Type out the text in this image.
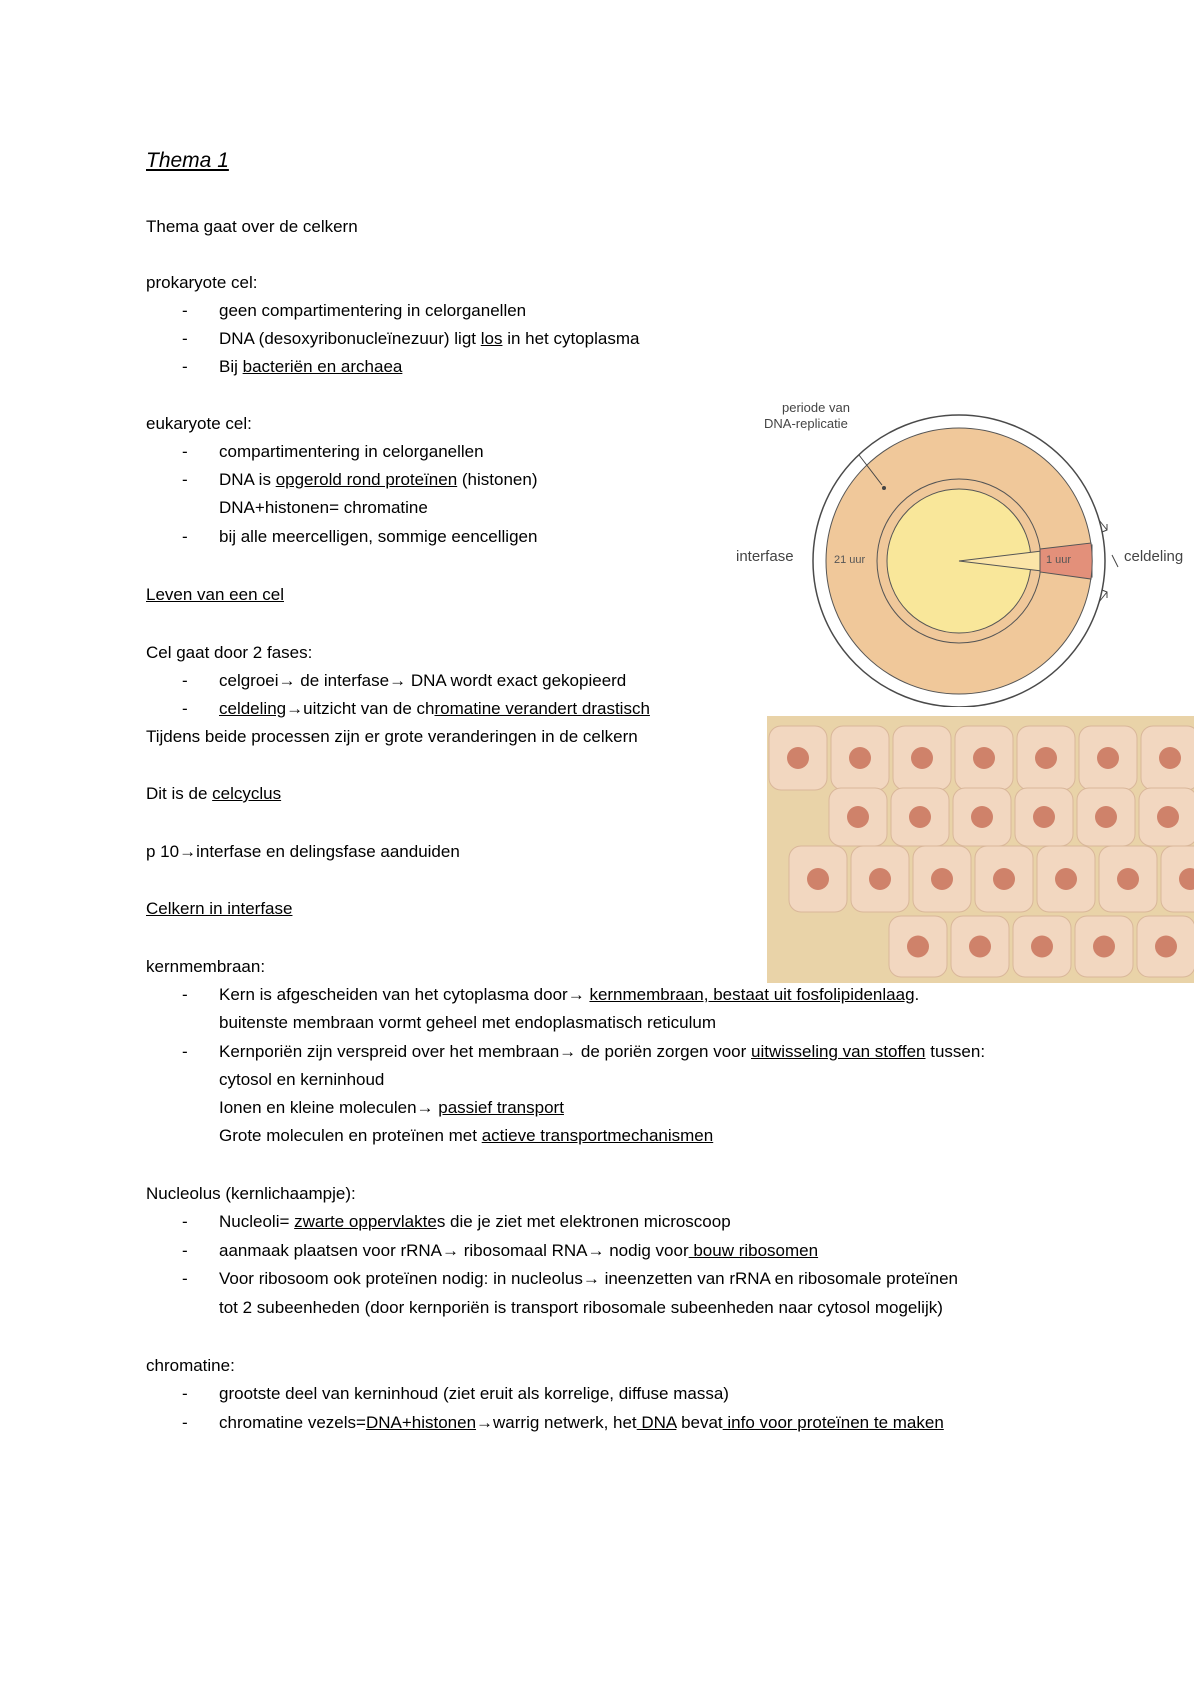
Thema 1
Thema gaat over de celkern
prokaryote cel:
- geen compartimentering in celorganellen
- DNA (desoxyribonucleïnezuur) ligt los in het cytoplasma
- Bij bacteriën en archaea
eukaryote cel:
- compartimentering in celorganellen
- DNA is opgerold rond proteïnen (histonen)
DNA+histonen= chromatine
- bij alle meercelligen, sommige eencelligen
Leven van een cel
Cel gaat door 2 fases:
- celgroei→ de interfase→ DNA wordt exact gekopieerd
- celdeling→uitzicht van de chromatine verandert drastisch
Tijdens beide processen zijn er grote veranderingen in de celkern
Dit is de celcyclus
p 10→interfase en delingsfase aanduiden
Celkern in interfase
kernmembraan:
- Kern is afgescheiden van het cytoplasma door→ kernmembraan, bestaat uit fosfolipidenlaag.
buitenste membraan vormt geheel met endoplasmatisch reticulum
- Kernporiën zijn verspreid over het membraan→ de poriën zorgen voor uitwisseling van stoffen tussen:
cytosol en kerninhoud
Ionen en kleine moleculen→ passief transport
Grote moleculen en proteïnen met actieve transportmechanismen
Nucleolus (kernlichaampje):
- Nucleoli= zwarte oppervlaktes die je ziet met elektronen microscoop
- aanmaak plaatsen voor rRNA→ ribosomaal RNA→ nodig voor bouw ribosomen
- Voor ribosoom ook proteïnen nodig: in nucleolus→ ineenzetten van rRNA en ribosomale proteïnen
tot 2 subeenheden (door kernporiën is transport ribosomale subeenheden naar cytosol mogelijk)
chromatine:
- grootste deel van kerninhoud (ziet eruit als korrelige, diffuse massa)
- chromatine vezels=DNA+histonen→warrig netwerk, het DNA bevat info voor proteïnen te maken
periode van
DNA-replicatie
interfase	celdeling
21 uur	1 uur
